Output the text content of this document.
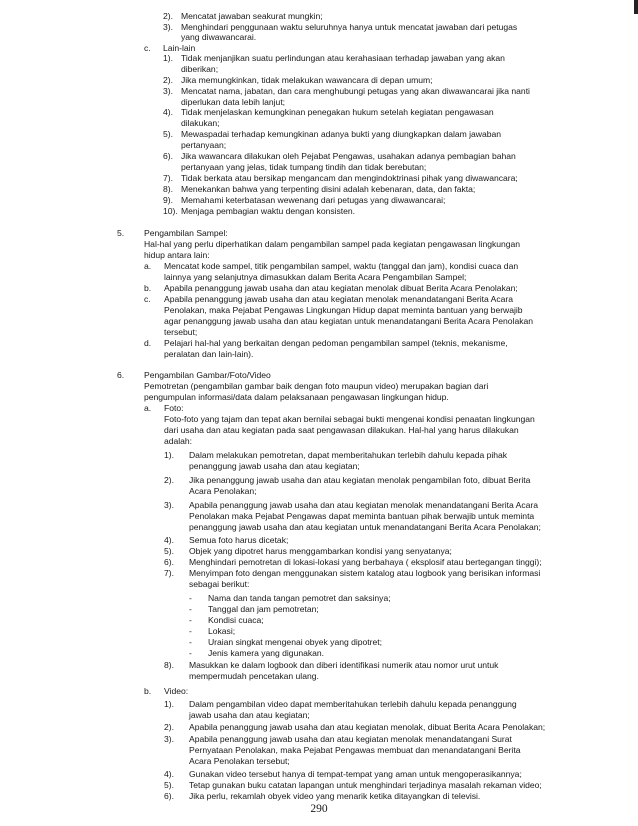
2). Mencatat jawaban seakurat mungkin;
3). Menghindari penggunaan waktu seluruhnya hanya untuk mencatat jawaban dari petugas
yang diwawancarai.
c. Lain-lain
1). Tidak menjanjikan suatu perlindungan atau kerahasiaan terhadap jawaban yang akan
diberikan;
2). Jika memungkinkan, tidak melakukan wawancara di depan umum;
3). Mencatat nama, jabatan, dan cara menghubungi petugas yang akan diwawancarai jika nanti
diperlukan data lebih lanjut;
4). Tidak menjelaskan kemungkinan penegakan hukum setelah kegiatan pengawasan
dilakukan;
5). Mewaspadai terhadap kemungkinan adanya bukti yang diungkapkan dalam jawaban
pertanyaan;
6). Jika wawancara dilakukan oleh Pejabat Pengawas, usahakan adanya pembagian bahan
pertanyaan yang jelas, tidak tumpang tindih dan tidak berebutan;
7). Tidak berkata atau bersikap mengancam dan mengindoktrinasi pihak yang diwawancara;
8). Menekankan bahwa yang terpenting disini adalah kebenaran, data, dan fakta;
9). Memahami keterbatasan wewenang dari petugas yang diwawancarai;
10). Menjaga pembagian waktu dengan konsisten.
5. Pengambilan Sampel:
Hal-hal yang perlu diperhatikan dalam pengambilan sampel pada kegiatan pengawasan lingkungan
hidup antara lain:
a. Mencatat kode sampel, titik pengambilan sampel, waktu (tanggal dan jam), kondisi cuaca dan
lainnya yang selanjutnya dimasukkan dalam Berita Acara Pengambilan Sampel;
b. Apabila penanggung jawab usaha dan atau kegiatan menolak dibuat Berita Acara Penolakan;
c. Apabila penanggung jawab usaha dan atau kegiatan menolak menandatangani Berita Acara
Penolakan, maka Pejabat Pengawas Lingkungan Hidup dapat meminta bantuan yang berwajib
agar penanggung jawab usaha dan atau kegiatan untuk menandatangani Berita Acara Penolakan
tersebut;
d. Pelajari hal-hal yang berkaitan dengan pedoman pengambilan sampel (teknis, mekanisme,
peralatan dan lain-lain).
6. Pengambilan Gambar/Foto/Video
Pemotretan (pengambilan gambar baik dengan foto maupun video) merupakan bagian dari
pengumpulan informasi/data dalam pelaksanaan pengawasan lingkungan hidup.
a. Foto:
Foto-foto yang tajam dan tepat akan bernilai sebagai bukti mengenai kondisi penaatan lingkungan
dari usaha dan atau kegiatan pada saat pengawasan dilakukan. Hal-hal yang harus dilakukan
adalah:
1). Dalam melakukan pemotretan, dapat memberitahukan terlebih dahulu kepada pihak
penanggung jawab usaha dan atau kegiatan;
2). Jika penanggung jawab usaha dan atau kegiatan menolak pengambilan foto, dibuat Berita
Acara Penolakan;
3). Apabila penanggung jawab usaha dan atau kegiatan menolak menandatangani Berita Acara
Penolakan maka Pejabat Pengawas dapat meminta bantuan pihak berwajib untuk meminta
penanggung jawab usaha dan atau kegiatan untuk menandatangani Berita Acara Penolakan;
4). Semua foto harus dicetak;
5). Objek yang dipotret harus menggambarkan kondisi yang senyatanya;
6). Menghindari pemotretan di lokasi-lokasi yang berbahaya ( eksplosif atau bertegangan tinggi);
7). Menyimpan foto dengan menggunakan sistem katalog atau logbook yang berisikan informasi
sebagai berikut:
- Nama dan tanda tangan pemotret dan saksinya;
- Tanggal dan jam pemotretan;
- Kondisi cuaca;
- Lokasi;
- Uraian singkat mengenai obyek yang dipotret;
- Jenis kamera yang digunakan.
8). Masukkan ke dalam logbook dan diberi identifikasi numerik atau nomor urut untuk
mempermudah pencetakan ulang.
b. Video:
1). Dalam pengambilan video dapat memberitahukan terlebih dahulu kepada penanggung
jawab usaha dan atau kegiatan;
2). Apabila penanggung jawab usaha dan atau kegiatan menolak, dibuat Berita Acara Penolakan;
3). Apabila penanggung jawab usaha dan atau kegiatan menolak menandatangani Surat
Pernyataan Penolakan, maka Pejabat Pengawas membuat dan menandatangani Berita
Acara Penolakan tersebut;
4). Gunakan video tersebut hanya di tempat-tempat yang aman untuk mengoperasikannya;
5). Tetap gunakan buku catatan lapangan untuk menghindari terjadinya masalah rekaman video;
6). Jika perlu, rekamlah obyek video yang menarik ketika ditayangkan di televisi.
290
